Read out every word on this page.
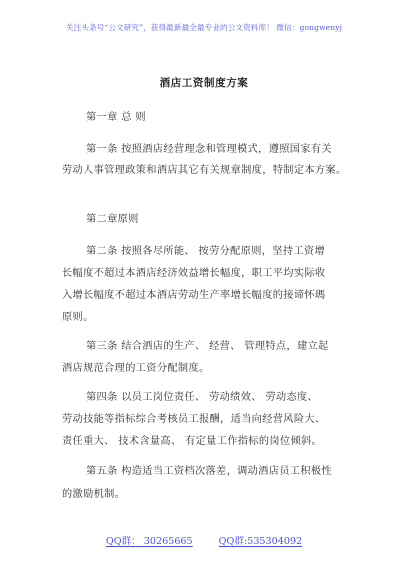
关注头条号“公文研究”，获得最新最全最专业的公文资料库！ 微信：gongwenyj
酒店工资制度方案
第一章 总 则
第一条 按照酒店经营理念和管理模式，遵照国家有关
劳动人事管理政策和酒店其它有关规章制度，特制定本方案。
第二章原则
第二条 按照各尽所能、 按劳分配原则，坚持工资增
长幅度不超过本酒店经济效益增长幅度，职工平均实际收
入增长幅度不超过本酒店劳动生产率增长幅度的接谛怀瑪
原则。
第三条 结合酒店的生产、 经营、 管理特点，建立起
酒店规范合理的工资分配制度。
第四条 以员工岗位责任、 劳动绩效、 劳动态度、
劳动技能等指标综合考核员工报酬，适当向经营风险大、
责任重大、 技术含量高、 有定量工作指标的岗位倾斜。
第五条 构造适当工资档次落差，调动酒店员工积极性
的激励机制。
QQ群： 30265665	QQ群:535304092
